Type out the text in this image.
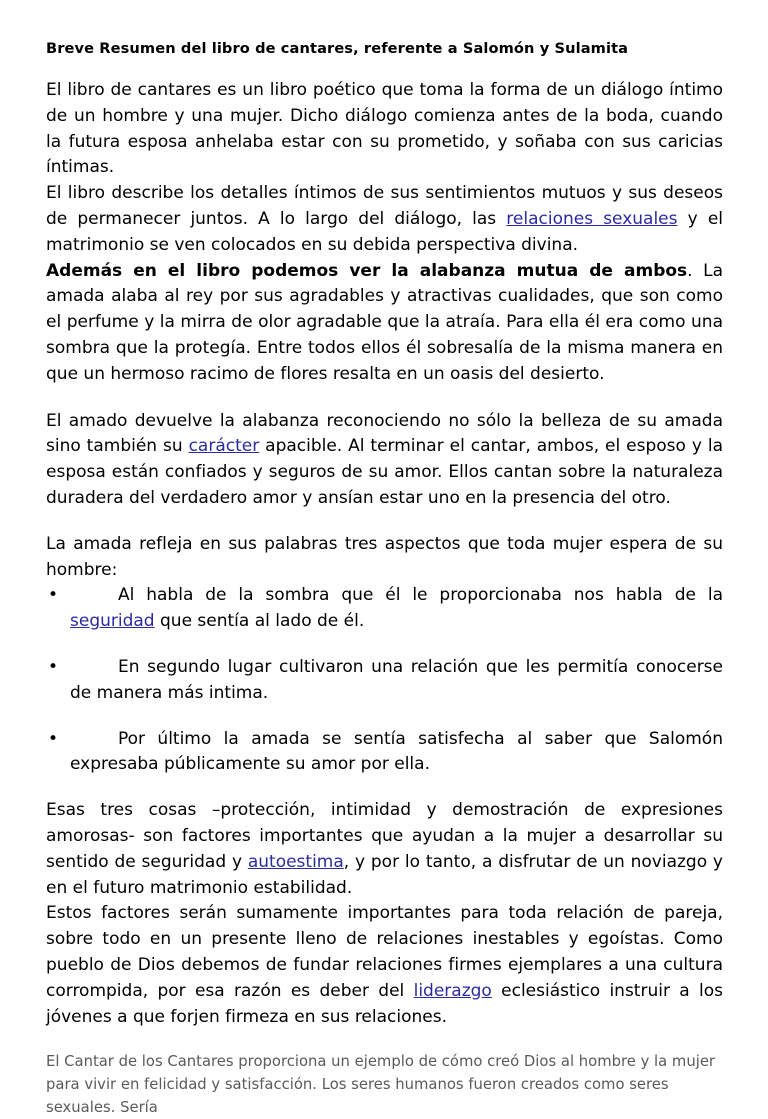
Breve Resumen del libro de cantares, referente a Salomón y Sulamita

El libro de cantares es un libro poético que toma la forma de un diálogo íntimo de un hombre y una mujer. Dicho diálogo comienza antes de la boda, cuando la futura esposa anhelaba estar con su prometido, y soñaba con sus caricias íntimas.

El libro describe los detalles íntimos de sus sentimientos mutuos y sus deseos de permanecer juntos. A lo largo del diálogo, las relaciones sexuales y el matrimonio se ven colocados en su debida perspectiva divina.

Además en el libro podemos ver la alabanza mutua de ambos. La amada alaba al rey por sus agradables y atractivas cualidades, que son como el perfume y la mirra de olor agradable que la atraía. Para ella él era como una sombra que la protegía. Entre todos ellos él sobresalía de la misma manera en que un hermoso racimo de flores resalta en un oasis del desierto.

El amado devuelve la alabanza reconociendo no sólo la belleza de su amada sino también su carácter apacible. Al terminar el cantar, ambos, el esposo y la esposa están confiados y seguros de su amor. Ellos cantan sobre la naturaleza duradera del verdadero amor y ansían estar uno en la presencia del otro.

La amada refleja en sus palabras tres aspectos que toda mujer espera de su hombre:

•	Al habla de la sombra que él le proporcionaba nos habla de la seguridad que sentía al lado de él.
•	En segundo lugar cultivaron una relación que les permitía conocerse de manera más intima.
•	Por último la amada se sentía satisfecha al saber que Salomón expresaba públicamente su amor por ella.

Esas tres cosas –protección, intimidad y demostración de expresiones amorosas- son factores importantes que ayudan a la mujer a desarrollar su sentido de seguridad y autoestima, y por lo tanto, a disfrutar de un noviazgo y en el futuro matrimonio estabilidad.

Estos factores serán sumamente importantes para toda relación de pareja, sobre todo en un presente lleno de relaciones inestables y egoístas. Como pueblo de Dios debemos de fundar relaciones firmes ejemplares a una cultura corrompida, por esa razón es deber del liderazgo eclesiástico instruir a los jóvenes a que forjen firmeza en sus relaciones.

El Cantar de los Cantares proporciona un ejemplo de cómo creó Dios al hombre y la mujer para vivir en felicidad y satisfacción. Los seres humanos fueron creados como seres sexuales. Sería
